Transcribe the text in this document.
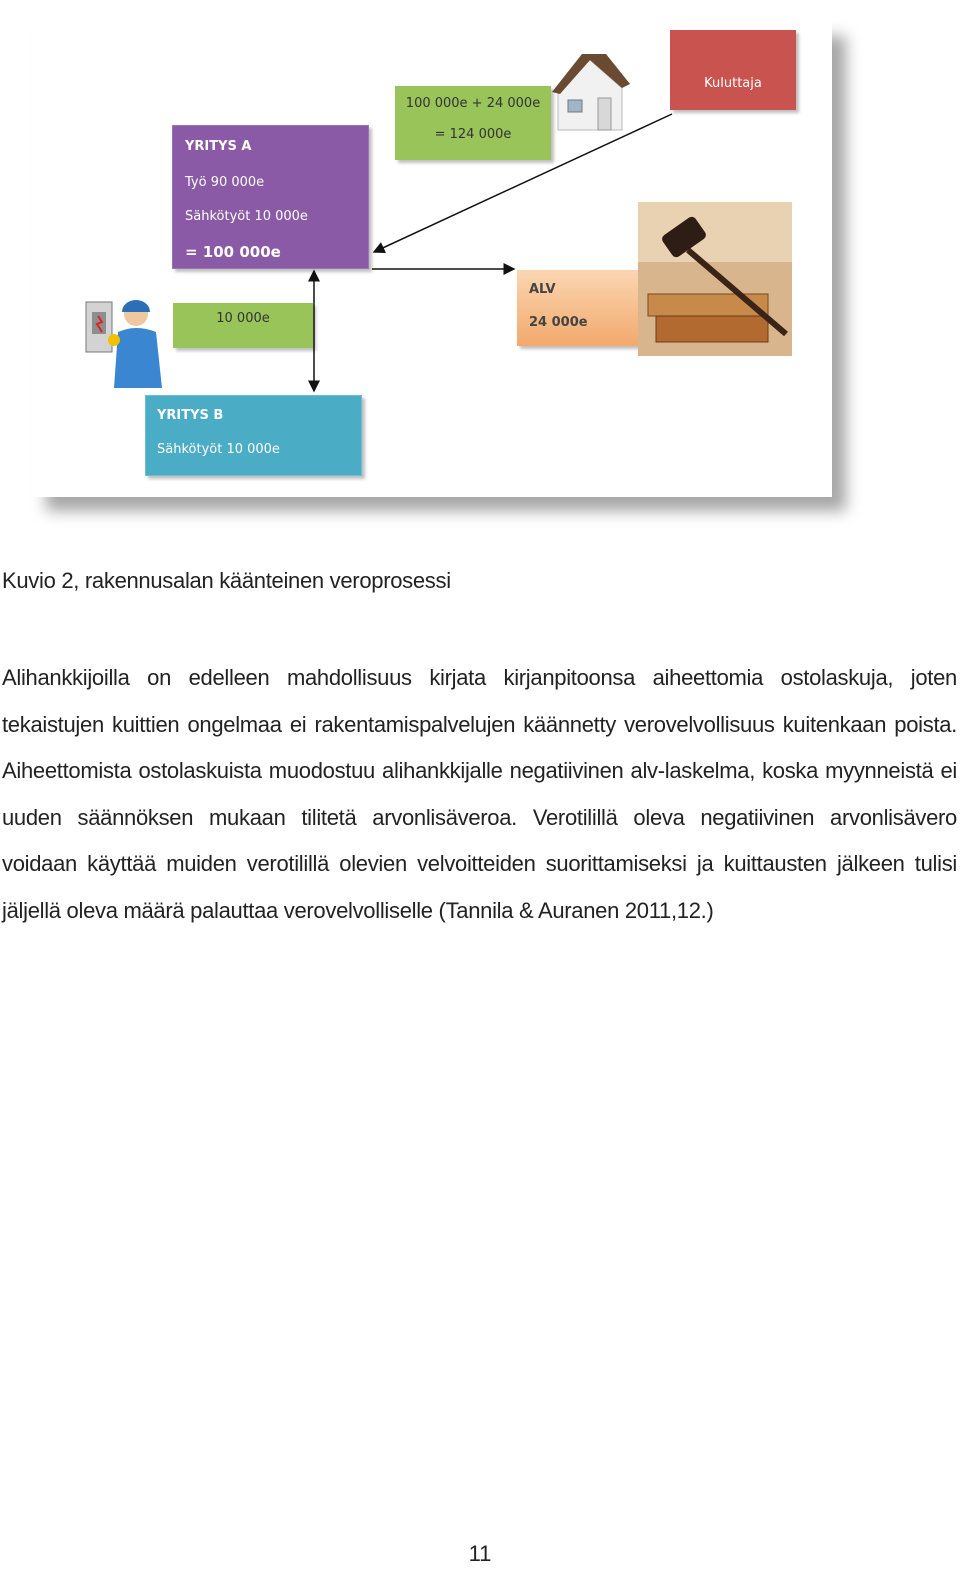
YRITYS A

Työ 90 000e

Sähkötyöt 10 000e

= 100 000e

100 000e + 24 000e

= 124 000e

Kuluttaja

10 000e

ALV

24 000e

YRITYS B

Sähkötyöt 10 000e

Kuvio 2, rakennusalan käänteinen veroprosessi

Alihankkijoilla on edelleen mahdollisuus kirjata kirjanpitoonsa aiheettomia ostolaskuja, joten tekaistujen kuittien ongelmaa ei rakentamispalvelujen käännetty verovelvollisuus kuitenkaan poista. Aiheettomista ostolaskuista muodostuu alihankkijalle negatiivinen alv-laskelma, koska myynneistä ei uuden säännöksen mukaan tilitetä arvonlisäveroa. Verotilillä oleva negatiivinen arvonlisävero voidaan käyttää muiden verotilillä olevien velvoitteiden suorittamiseksi ja kuittausten jälkeen tulisi jäljellä oleva määrä palauttaa verovelvolliselle (Tannila & Auranen 2011,12.)

11
